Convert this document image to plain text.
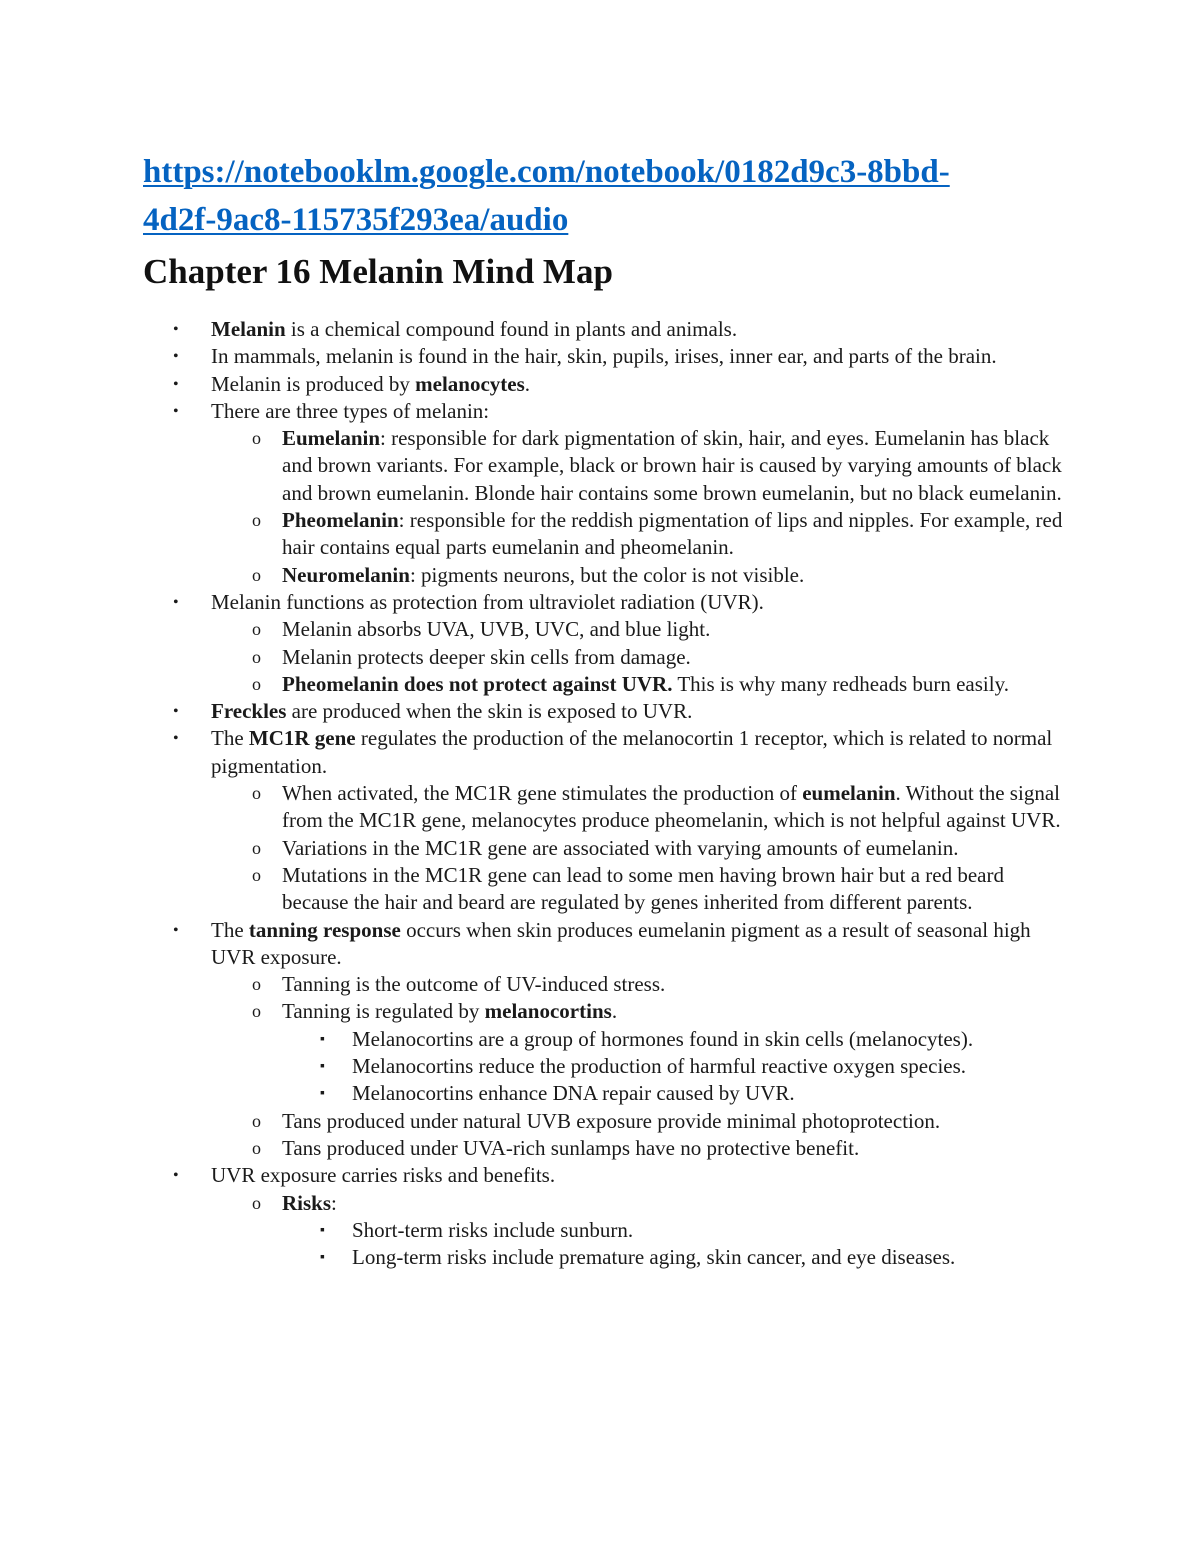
https://notebooklm.google.com/notebook/0182d9c3-8bbd-
4d2f-9ac8-115735f293ea/audio
Chapter 16 Melanin Mind Map
• Melanin is a chemical compound found in plants and animals.
• In mammals, melanin is found in the hair, skin, pupils, irises, inner ear, and parts of the brain.
• Melanin is produced by melanocytes.
• There are three types of melanin:
o Eumelanin: responsible for dark pigmentation of skin, hair, and eyes. Eumelanin has black and brown variants. For example, black or brown hair is caused by varying amounts of black and brown eumelanin. Blonde hair contains some brown eumelanin, but no black eumelanin.
o Pheomelanin: responsible for the reddish pigmentation of lips and nipples. For example, red hair contains equal parts eumelanin and pheomelanin.
o Neuromelanin: pigments neurons, but the color is not visible.
• Melanin functions as protection from ultraviolet radiation (UVR).
o Melanin absorbs UVA, UVB, UVC, and blue light.
o Melanin protects deeper skin cells from damage.
o Pheomelanin does not protect against UVR. This is why many redheads burn easily.
• Freckles are produced when the skin is exposed to UVR.
• The MC1R gene regulates the production of the melanocortin 1 receptor, which is related to normal pigmentation.
o When activated, the MC1R gene stimulates the production of eumelanin. Without the signal from the MC1R gene, melanocytes produce pheomelanin, which is not helpful against UVR.
o Variations in the MC1R gene are associated with varying amounts of eumelanin.
o Mutations in the MC1R gene can lead to some men having brown hair but a red beard because the hair and beard are regulated by genes inherited from different parents.
• The tanning response occurs when skin produces eumelanin pigment as a result of seasonal high UVR exposure.
o Tanning is the outcome of UV-induced stress.
o Tanning is regulated by melanocortins.
▪ Melanocortins are a group of hormones found in skin cells (melanocytes).
▪ Melanocortins reduce the production of harmful reactive oxygen species.
▪ Melanocortins enhance DNA repair caused by UVR.
o Tans produced under natural UVB exposure provide minimal photoprotection.
o Tans produced under UVA-rich sunlamps have no protective benefit.
• UVR exposure carries risks and benefits.
o Risks:
▪ Short-term risks include sunburn.
▪ Long-term risks include premature aging, skin cancer, and eye diseases.
